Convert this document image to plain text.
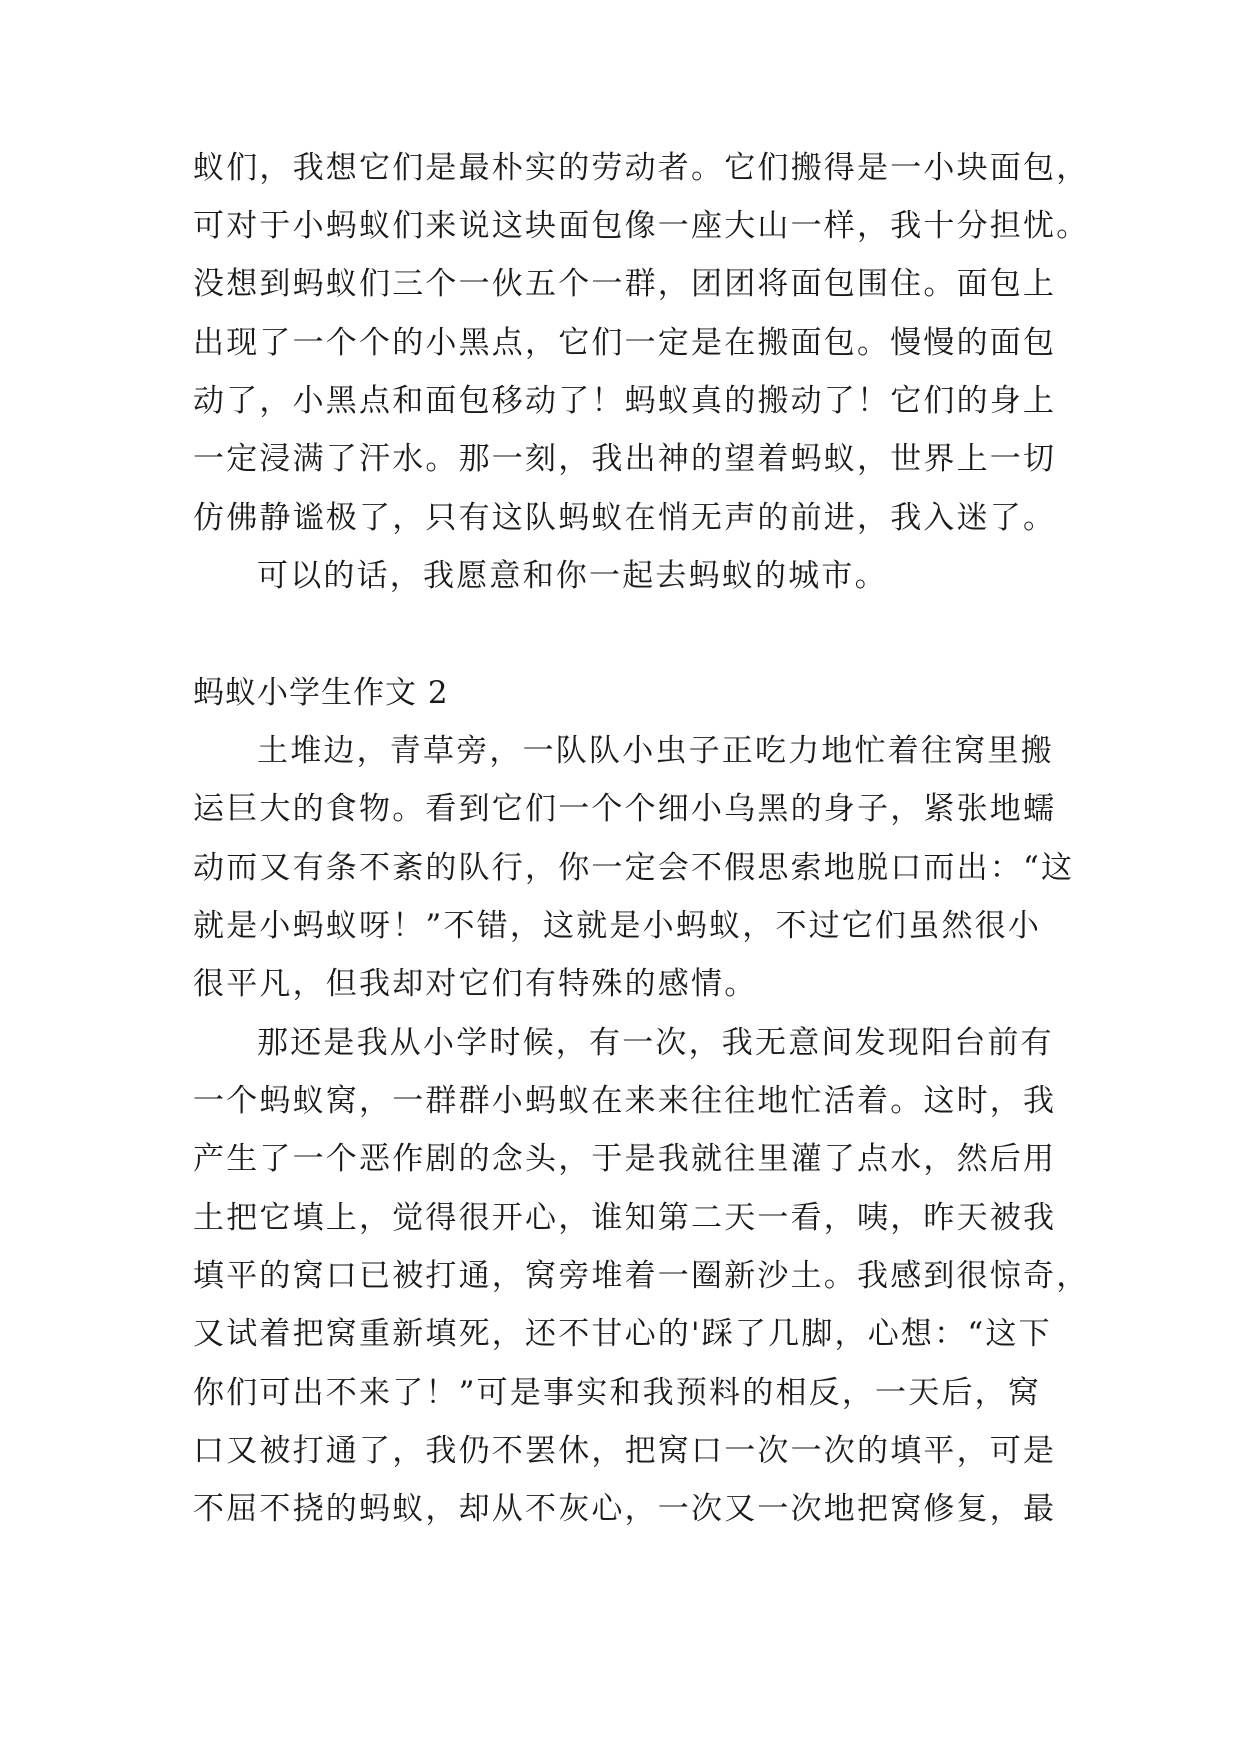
蚁们，我想它们是最朴实的劳动者。它们搬得是一小块面包，
可对于小蚂蚁们来说这块面包像一座大山一样，我十分担忧。
没想到蚂蚁们三个一伙五个一群，团团将面包围住。面包上
出现了一个个的小黑点，它们一定是在搬面包。慢慢的面包
动了，小黑点和面包移动了！蚂蚁真的搬动了！它们的身上
一定浸满了汗水。那一刻，我出神的望着蚂蚁，世界上一切
仿佛静谧极了，只有这队蚂蚁在悄无声的前进，我入迷了。
可以的话，我愿意和你一起去蚂蚁的城市。
蚂蚁小学生作文 2
土堆边，青草旁，一队队小虫子正吃力地忙着往窝里搬
运巨大的食物。看到它们一个个细小乌黑的身子，紧张地蠕
动而又有条不紊的队行，你一定会不假思索地脱口而出：“这
就是小蚂蚁呀！”不错，这就是小蚂蚁，不过它们虽然很小
很平凡，但我却对它们有特殊的感情。
那还是我从小学时候，有一次，我无意间发现阳台前有
一个蚂蚁窝，一群群小蚂蚁在来来往往地忙活着。这时，我
产生了一个恶作剧的念头，于是我就往里灌了点水，然后用
土把它填上，觉得很开心，谁知第二天一看，咦，昨天被我
填平的窝口已被打通，窝旁堆着一圈新沙土。我感到很惊奇，
又试着把窝重新填死，还不甘心的'踩了几脚，心想：“这下
你们可出不来了！”可是事实和我预料的相反，一天后，窝
口又被打通了，我仍不罢休，把窝口一次一次的填平，可是
不屈不挠的蚂蚁，却从不灰心，一次又一次地把窝修复，最
